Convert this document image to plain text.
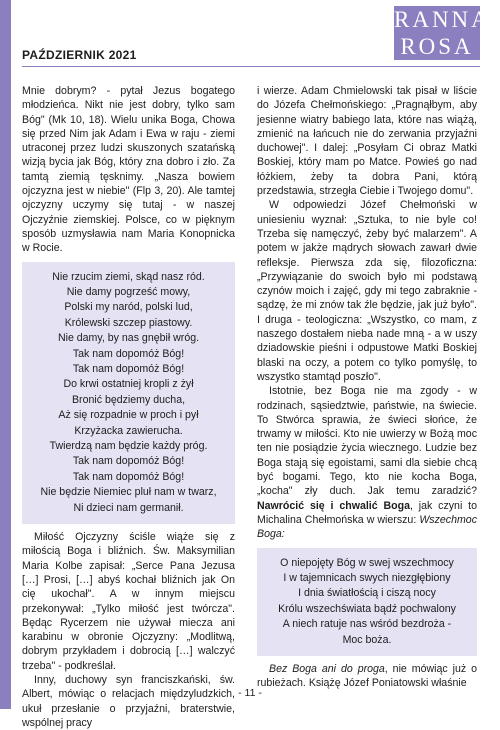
RANNA
ROSA
PAŹDZIERNIK 2021

Mnie dobrym? - pytał Jezus bogatego młodzieńca. Nikt nie jest dobry, tylko sam Bóg" (Mk 10, 18). Wielu unika Boga, Chowa się przed Nim jak Adam i Ewa w raju - ziemi utraconej przez ludzi skuszonych szatańską wizją bycia jak Bóg, który zna dobro i zło. Za tamtą ziemią tęsknimy. „Nasza bowiem ojczyzna jest w niebie" (Flp 3, 20). Ale tamtej ojczyzny uczymy się tutaj - w naszej Ojczyźnie ziemskiej. Polsce, co w pięknym sposób uzmysławia nam Maria Konopnicka w Rocie.

Nie rzucim ziemi, skąd nasz ród.
Nie damy pogrześć mowy,
Polski my naród, polski lud,
Królewski szczep piastowy.
Nie damy, by nas gnębił wróg.
Tak nam dopomóż Bóg!
Tak nam dopomóż Bóg!
Do krwi ostatniej kropli z żył
Bronić będziemy ducha,
Aż się rozpadnie w proch i pył
Krzyżacka zawierucha.
Twierdzą nam będzie każdy próg.
Tak nam dopomóż Bóg!
Tak nam dopomóż Bóg!
Nie będzie Niemiec pluł nam w twarz,
Ni dzieci nam germanił.

Miłość Ojczyzny ściśle wiąże się z miłością Boga i bliźnich. Św. Maksymilian Maria Kolbe zapisał: „Serce Pana Jezusa […] Prosi, […] abyś kochał bliźnich jak On cię ukochał". A w innym miejscu przekonywał: „Tylko miłość jest twórcza". Będąc Rycerzem nie używał miecza ani karabinu w obronie Ojczyzny: „Modlitwą, dobrym przykładem i dobrocią […] walczyć trzeba" - podkreślał.

Inny, duchowy syn franciszkański, św. Albert, mówiąc o relacjach międzyludzkich, ukuł przesłanie o przyjaźni, braterstwie, wspólnej pracy

i wierze. Adam Chmielowski tak pisał w liście do Józefa Chełmońskiego: „Pragnąłbym, aby jesienne wiatry babiego lata, które nas wiążą, zmienić na łańcuch nie do zerwania przyjaźni duchowej". I dalej: „Posyłam Ci obraz Matki Boskiej, który mam po Matce. Powieś go nad łóżkiem, żeby ta dobra Pani, którą przedstawia, strzegła Ciebie i Twojego domu".

W odpowiedzi Józef Chełmoński w uniesieniu wyznał: „Sztuka, to nie byle co! Trzeba się namęczyć, żeby być malarzem". A potem w jakże mądrych słowach zawarł dwie refleksje. Pierwsza zda się, filozoficzna: „Przywiązanie do swoich było mi podstawą czynów moich i zajęć, gdy mi tego zabraknie - sądzę, że mi znów tak źle będzie, jak już było". I druga - teologiczna: „Wszystko, co mam, z naszego dostałem nieba nade mną - a w uszy dziadowskie pieśni i odpustowe Matki Boskiej blaski na oczy, a potem co tylko pomyślę, to wszystko stamtąd poszło".

Istotnie, bez Boga nie ma zgody - w rodzinach, sąsiedztwie, państwie, na świecie. To Stwórca sprawia, że świeci słońce, że trwamy w miłości. Kto nie uwierzy w Bożą moc ten nie posiądzie życia wiecznego. Ludzie bez Boga stają się egoistami, sami dla siebie chcą być bogami. Tego, kto nie kocha Boga, „kocha" zły duch. Jak temu zaradzić? Nawrócić się i chwalić Boga, jak czyni to Michalina Chełmońska w wierszu: Wszechmoc Boga:

O niepojęty Bóg w swej wszechmocy
I w tajemnicach swych niezgłębiony
I dnia światłością i ciszą nocy
Królu wszechświata bądź pochwalony
A niech ratuje nas wśród bezdroża -
Moc boża.

Bez Boga ani do proga, nie mówiąc już o rubieżach. Książę Józef Poniatowski właśnie

- 11 -
